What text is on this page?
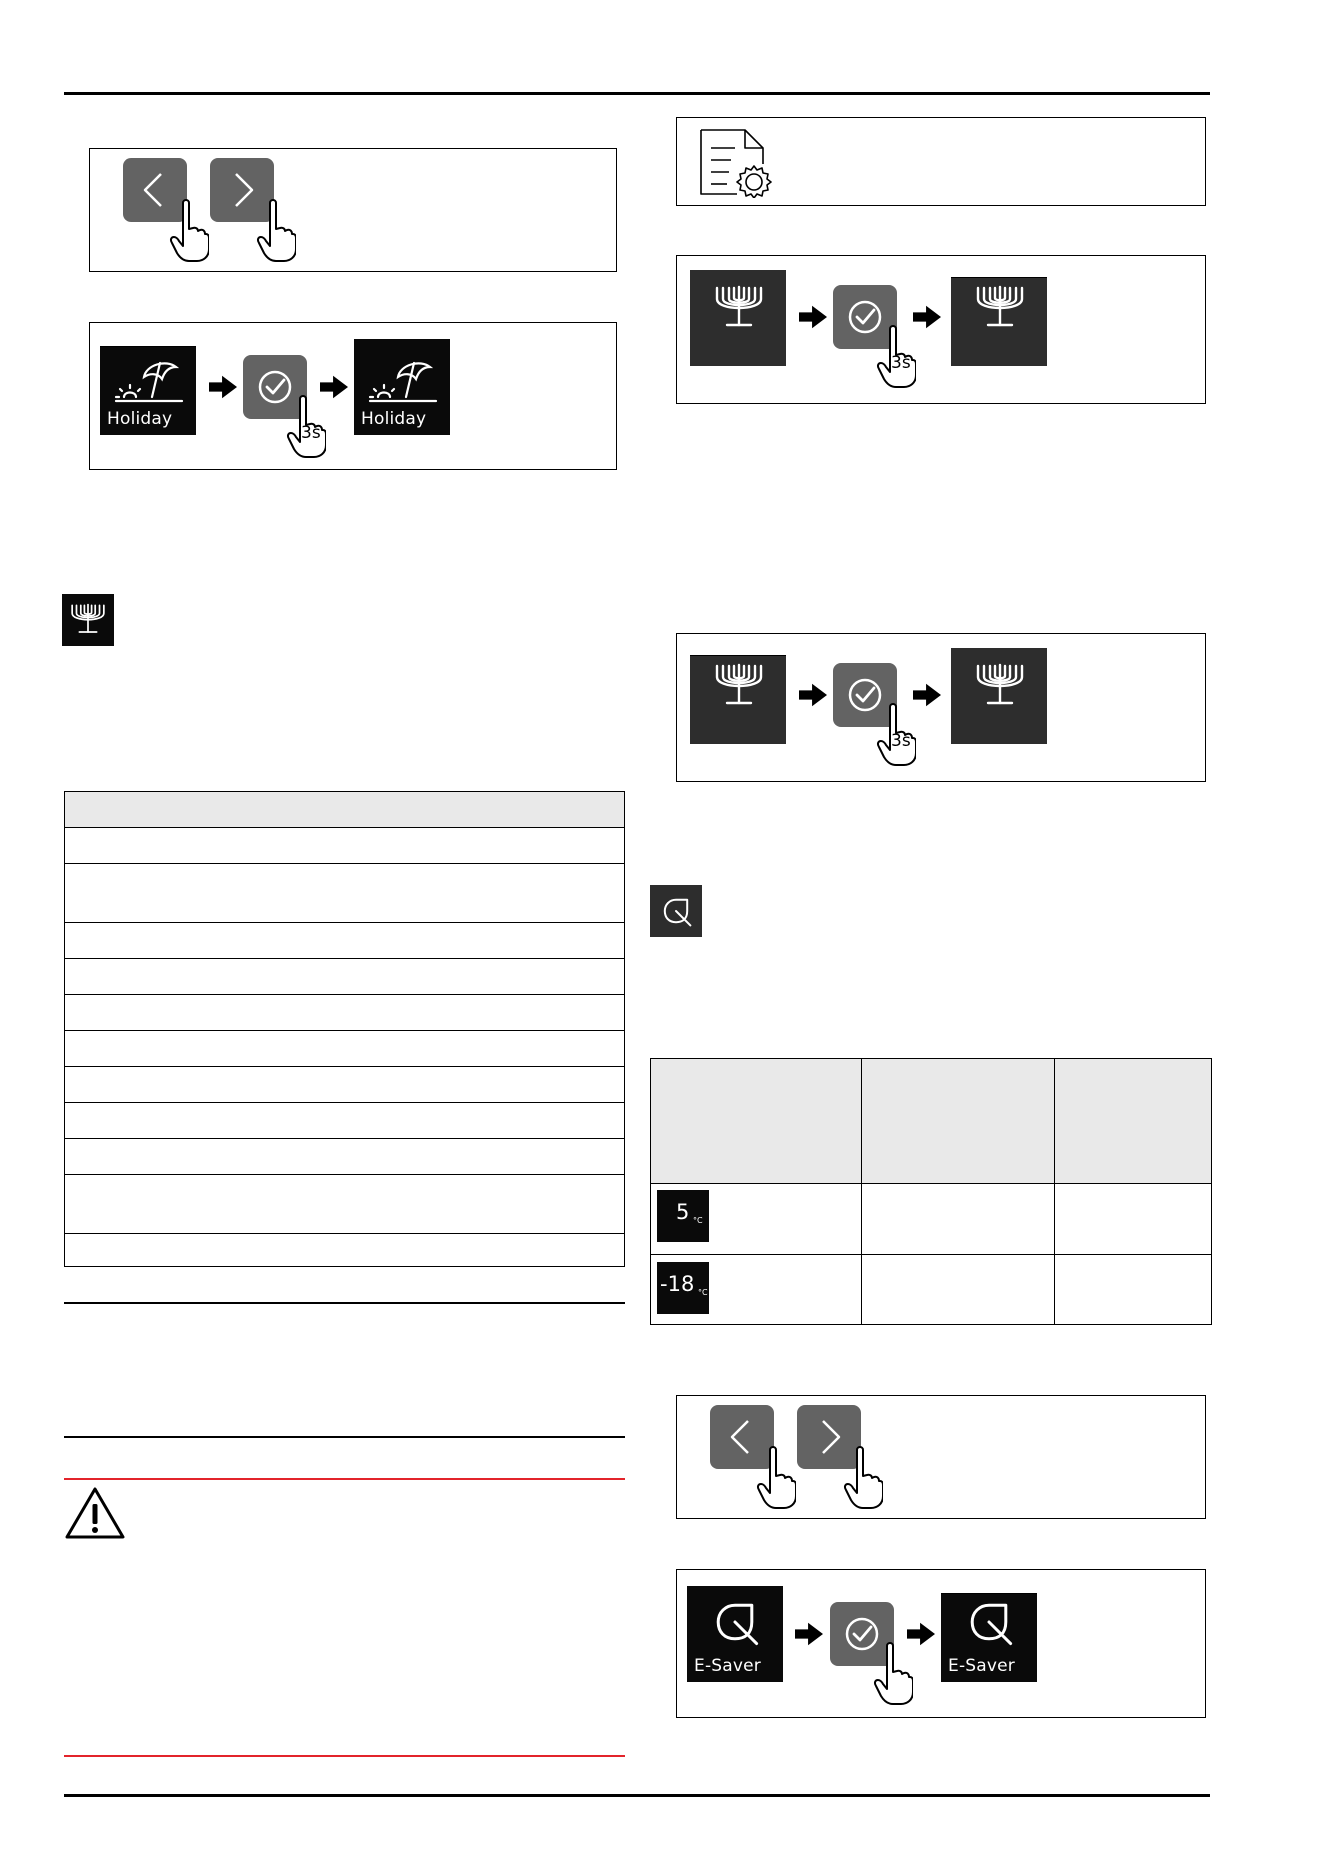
Holiday
3s
Holiday
3s
3s
5 °C
-18 °C
E-Saver	E-Saver
